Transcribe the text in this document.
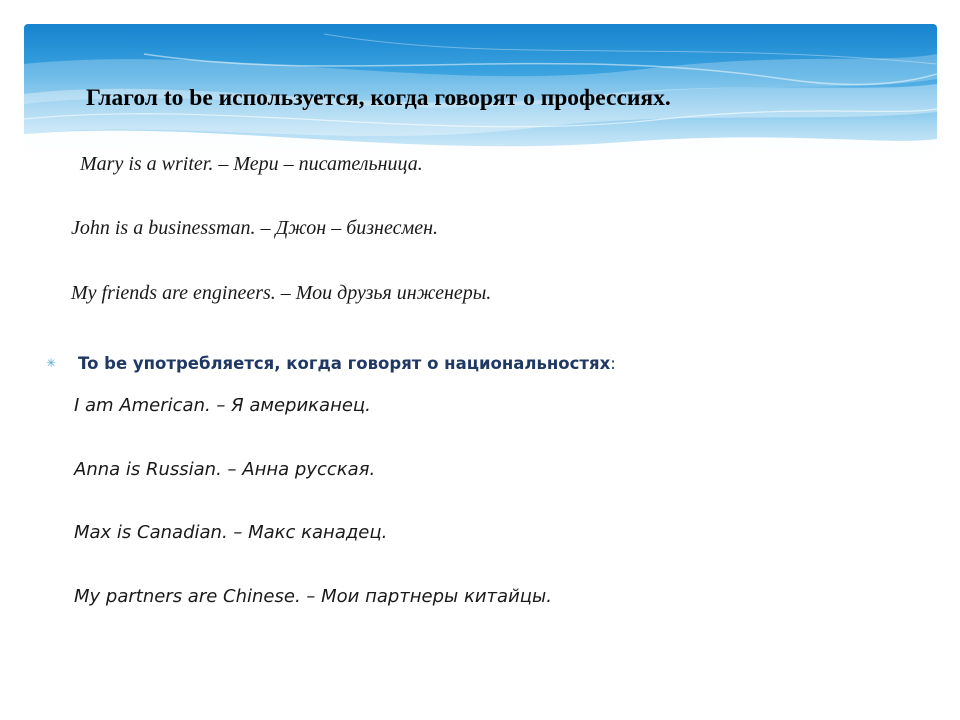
Глагол to be используется, когда говорят о профессиях.
Mary is a writer. – Мери – писательница.
John is a businessman. – Джон – бизнесмен.
My friends are engineers. – Мои друзья инженеры.
✳ To be употребляется, когда говорят о национальностях:
I am American. – Я американец.
Anna is Russian. – Анна русская.
Max is Canadian. – Макс канадец.
My partners are Chinese. – Мои партнеры китайцы.
